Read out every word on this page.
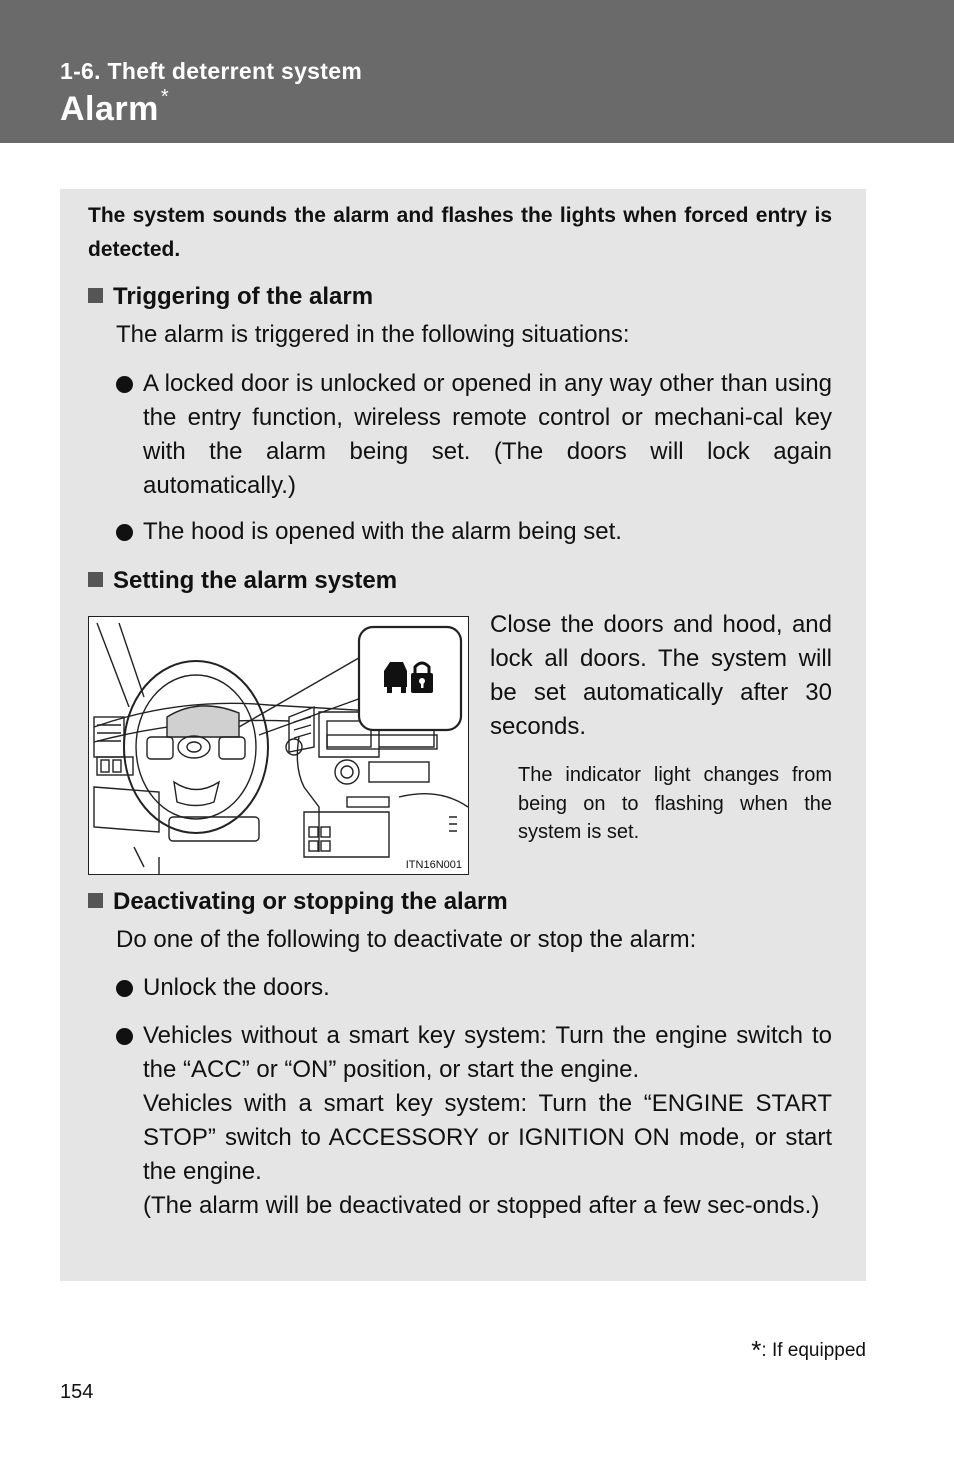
1-6. Theft deterrent system
Alarm *
The system sounds the alarm and flashes the lights when forced entry is detected.
Triggering of the alarm
The alarm is triggered in the following situations:
A locked door is unlocked or opened in any way other than using the entry function, wireless remote control or mechani-cal key with the alarm being set. (The doors will lock again automatically.)
The hood is opened with the alarm being set.
Setting the alarm system
ITN16N001
Close the doors and hood, and lock all doors. The system will be set automatically after 30 seconds.
The indicator light changes from being on to flashing when the system is set.
Deactivating or stopping the alarm
Do one of the following to deactivate or stop the alarm:
Unlock the doors.

Vehicles without a smart key system: Turn the engine switch to the “ACC” or “ON” position, or start the engine.

Vehicles with a smart key system: Turn the “ENGINE START STOP” switch to ACCESSORY or IGNITION ON mode, or start the engine.

(The alarm will be deactivated or stopped after a few sec-onds.)

*: If equipped
154
